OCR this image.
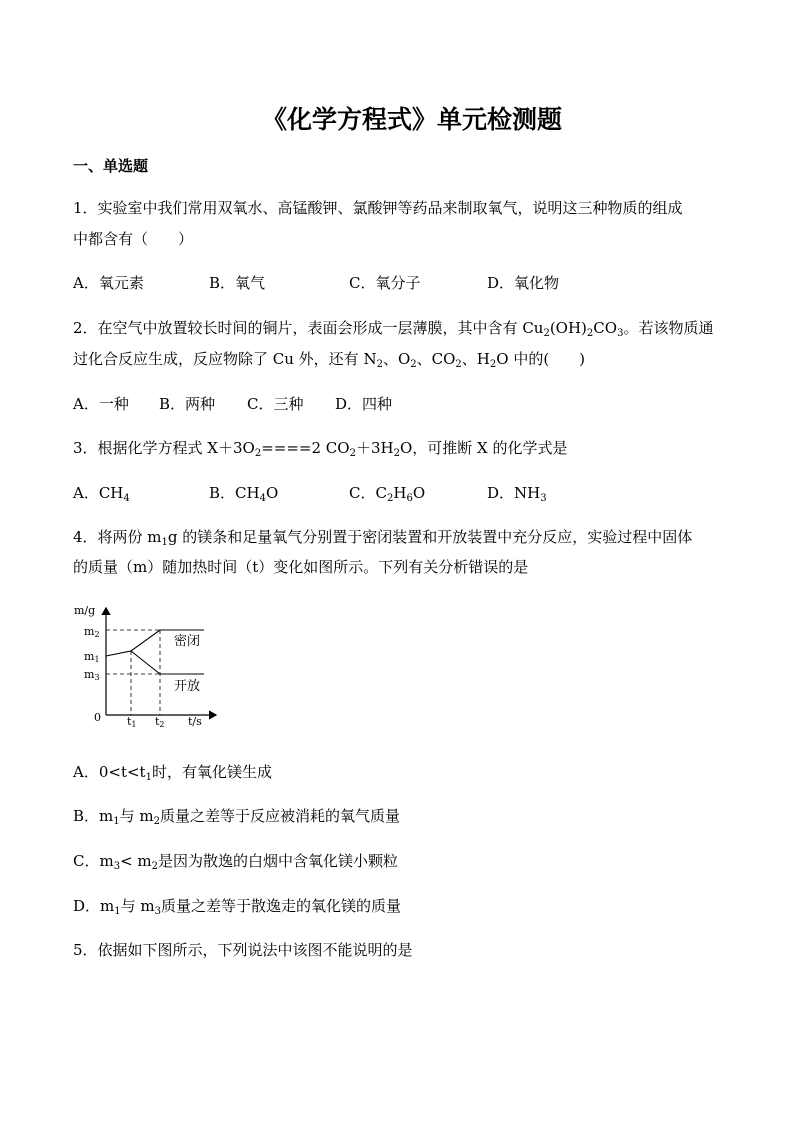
《化学方程式》单元检测题
一、单选题
1．实验室中我们常用双氧水、高锰酸钾、氯酸钾等药品来制取氧气，说明这三种物质的组成
中都含有（　　）
A．氧元素	B．氧气	C．氧分子	D．氧化物
2．在空气中放置较长时间的铜片，表面会形成一层薄膜，其中含有 $Cu_2(OH)_2CO_3$。若该物质通
过化合反应生成，反应物除了 Cu 外，还有 $N_2$、$O_2$、$CO_2$、$H_2O$ 中的(　　)
A．一种 B．两种 C．三种 D．四种
3．根据化学方程式 $X+3O_2====2$ $CO_2+3H_2O$，可推断 X 的化学式是
A．$CH_4$	B．$CH_4O$	C．$C_2H_6O$	D．$NH_3$
4．将两份 $m_1g$ 的镁条和足量氧气分别置于密闭装置和开放装置中充分反应，实验过程中固体
的质量（m）随加热时间（t）变化如图所示。下列有关分析错误的是
m/g
m2
m1
m3
0 t1 t2 t/s
密闭
开放
A．$0<t<t_1$时，有氧化镁生成
B．$m_1$与 $m_2$质量之差等于反应被消耗的氧气质量
C．$m_3< m_2$是因为散逸的白烟中含氧化镁小颗粒
D．$m_1$与 $m_3$质量之差等于散逸走的氧化镁的质量
5．依据如下图所示，下列说法中该图不能说明的是
